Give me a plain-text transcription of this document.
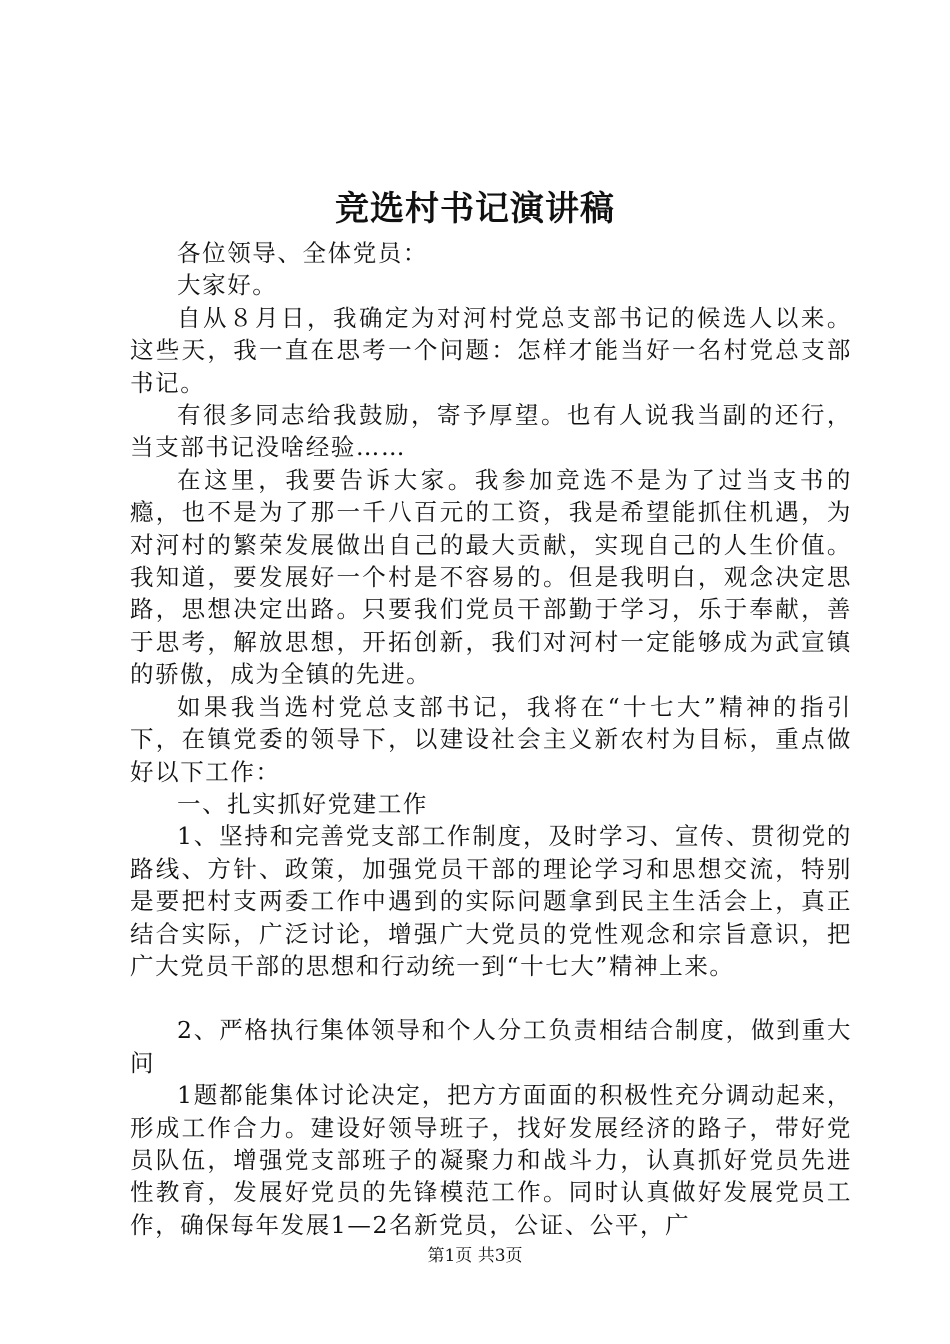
竞选村书记演讲稿

各位领导、全体党员：

大家好。

自从８月日，我确定为对河村党总支部书记的候选人以来。这些天，我一直在思考一个问题：怎样才能当好一名村党总支部书记。

有很多同志给我鼓励，寄予厚望。也有人说我当副的还行，当支部书记没啥经验……

在这里，我要告诉大家。我参加竞选不是为了过当支书的瘾，也不是为了那一千八百元的工资，我是希望能抓住机遇，为对河村的繁荣发展做出自己的最大贡献，实现自己的人生价值。我知道，要发展好一个村是不容易的。但是我明白，观念决定思路，思想决定出路。只要我们党员干部勤于学习，乐于奉献，善于思考，解放思想，开拓创新，我们对河村一定能够成为武宣镇的骄傲，成为全镇的先进。

如果我当选村党总支部书记，我将在“十七大”精神的指引下，在镇党委的领导下，以建设社会主义新农村为目标，重点做好以下工作：

一、扎实抓好党建工作

1、坚持和完善党支部工作制度，及时学习、宣传、贯彻党的路线、方针、政策，加强党员干部的理论学习和思想交流，特别是要把村支两委工作中遇到的实际问题拿到民主生活会上，真正结合实际，广泛讨论，增强广大党员的党性观念和宗旨意识，把广大党员干部的思想和行动统一到“十七大”精神上来。

2、严格执行集体领导和个人分工负责相结合制度，做到重大问

1题都能集体讨论决定，把方方面面的积极性充分调动起来，形成工作合力。建设好领导班子，找好发展经济的路子，带好党员队伍，增强党支部班子的凝聚力和战斗力，认真抓好党员先进性教育，发展好党员的先锋模范工作。同时认真做好发展党员工作，确保每年发展1—2名新党员，公证、公平，广

第1页 共3页
